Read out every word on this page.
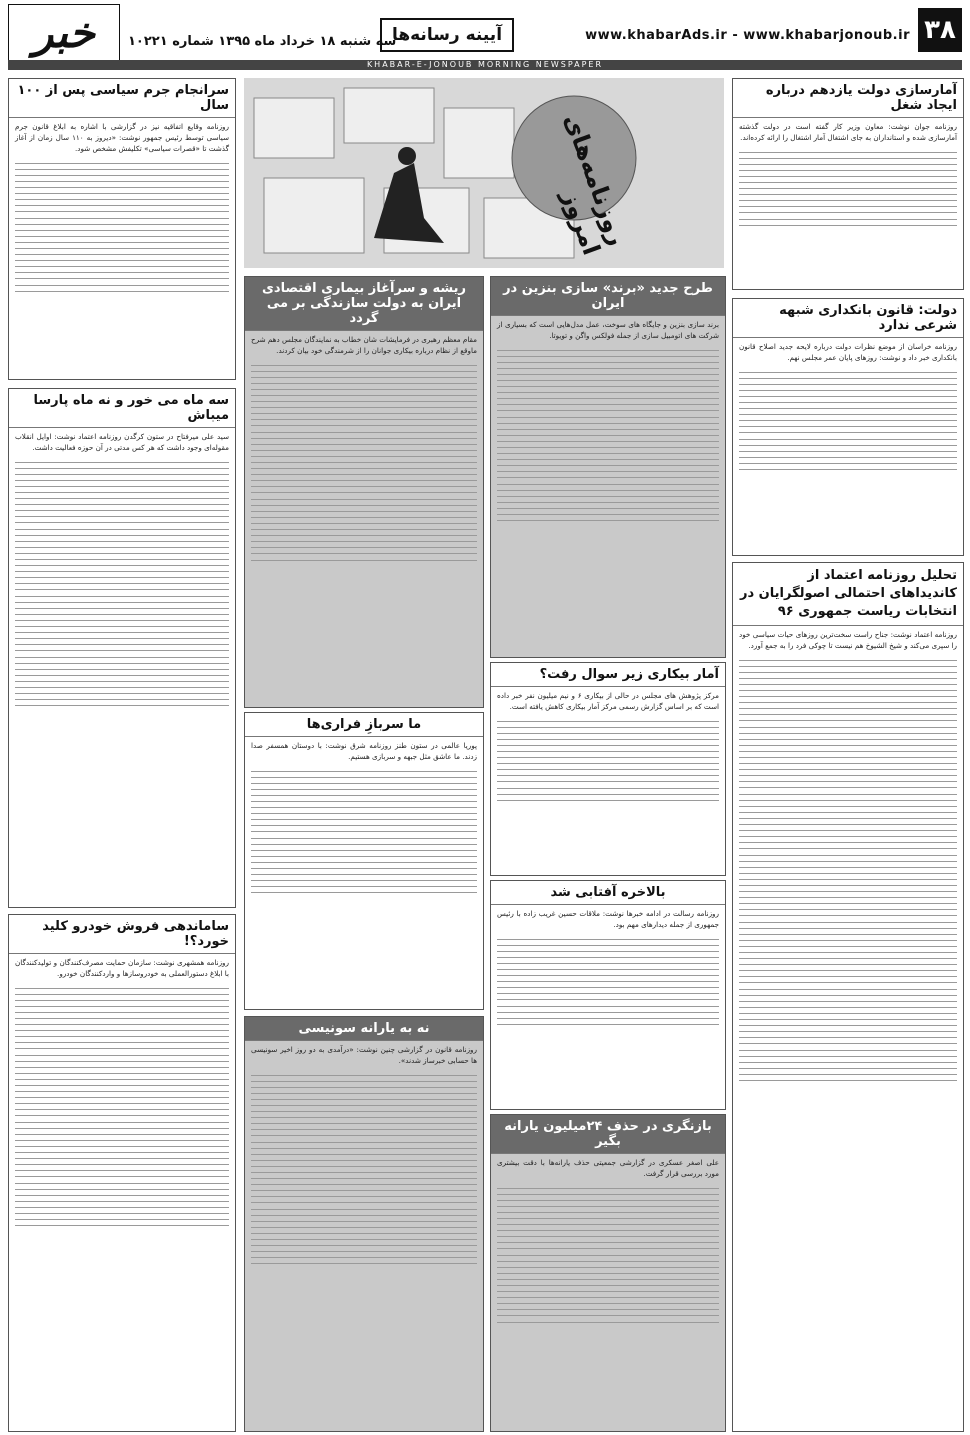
۳۸
www.khabarAds.ir - www.khabarjonoub.ir
آیینه رسانه‌ها
سه شنبه ۱۸ خرداد ماه ۱۳۹۵ شماره ۱۰۲۲۱
خبر
KHABAR-E-JONOUB MORNING NEWSPAPER
سرانجام جرم سیاسی پس از ۱۰۰ سال
روزنامه وقایع اتفاقیه نیز در گزارشی با اشاره به ابلاغ قانون جرم سیاسی توسط رئیس جمهور نوشت: «دیروز به ۱۱۰ سال زمان از آغاز گذشت تا «قصرات سیاسی» تکلیفش مشخص شود.
سه ماه می خور و نه ماه پارسا میباش
سید علی میرفتاح در ستون کرگدن روزنامه اعتماد نوشت: اوایل انقلاب مقوله‌ای وجود داشت که هر کس مدتی در آن حوزه فعالیت داشت.
ساماندهی فروش خودرو کلید خورد؟!
روزنامه همشهری نوشت: سازمان حمایت مصرف‌کنندگان و تولیدکنندگان با ابلاغ دستورالعملی به خودروسازها و واردکنندگان خودرو.
روزنامه‌های امروز
ریشه و سرآغاز بیماری اقتصادی ایران به دولت سازندگی بر می گردد
مقام معظم رهبری در فرمایشات شان خطاب به نمایندگان مجلس دهم شرح ماوقع از نظام درباره بیکاری جوانان را از شرمندگی خود بیان کردند.
ما سربازِ فراری‌ها
پوریا عالمی در ستون طنز روزنامه شرق نوشت: با دوستان همسفر صدا زدند. ما عاشق مثل جبهه و سربازی هستیم.
نه به یارانه سونیسی
روزنامه قانون در گزارشی چنین نوشت: «درآمدی به دو روز اخیر سونیسی ها حسابی خبرساز شدند».
طرح جدید «برند» سازی بنزین در ایران
برند سازی بنزین و جایگاه های سوخت، عمل مدل‌هایی است که بسیاری از شرکت های اتومبیل سازی از جمله فولکس واگن و تویوتا.
آمار بیکاری زیر سوال رفت؟
مرکز پژوهش های مجلس در حالی از بیکاری ۶ و نیم میلیون نفر خبر داده است که بر اساس گزارش رسمی مرکز آمار بیکاری کاهش یافته است.
بالاخره آفتابی شد
روزنامه رسالت در ادامه خبرها نوشت: ملاقات حسین غریب زاده با رئیس جمهوری از جمله دیدارهای مهم بود.
بازنگری در حذف ۲۴میلیون یارانه بگیر
علی اصغر عسکری در گزارشی جمعیتی حذف یارانه‌ها با دقت بیشتری مورد بررسی قرار گرفت.
آمارسازی دولت یازدهم درباره ایجاد شغل
روزنامه جوان نوشت: معاون وزیر کار گفته است در دولت گذشته آمارسازی شده و استانداران به جای اشتغال آمار اشتغال را ارائه کرده‌اند.
دولت: قانون بانکداری شبهه شرعی ندارد
روزنامه خراسان از موضع نظرات دولت درباره لایحه جدید اصلاح قانون بانکداری خبر داد و نوشت: روزهای پایان عمر مجلس نهم.
تحلیل روزنامه اعتماد از کاندیداهای احتمالی اصولگرایان در انتخابات ریاست جمهوری ۹۶
روزنامه اعتماد نوشت: جناح راست سخت‌ترین روزهای حیات سیاسی خود را سپری می‌کند و شیخ الشیوخ هم نیست تا چوکی فرد را به جمع آورد.
